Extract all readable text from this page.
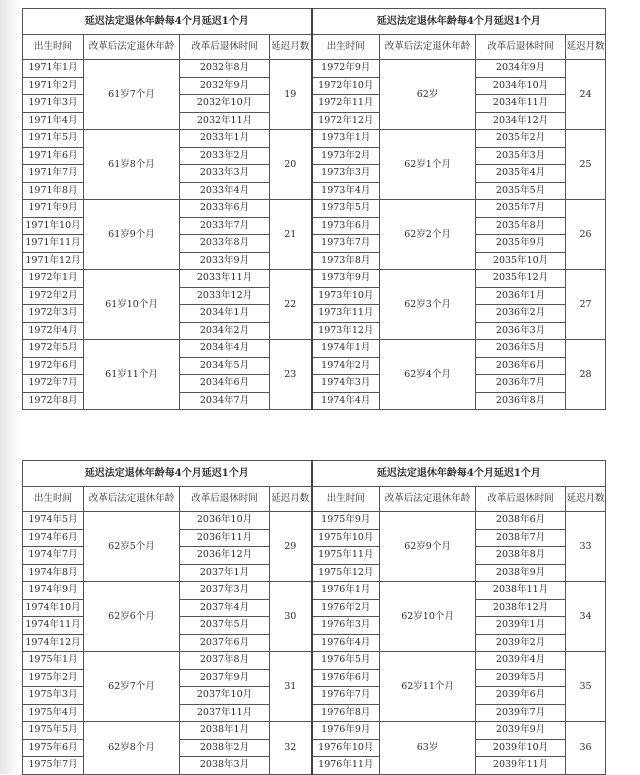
延迟法定退休年龄每4个月延迟1个月				延迟法定退休年龄每4个月延迟1个月			
出生时间	改革后法定退休年龄	改革后退休时间	延迟月数	出生时间	改革后法定退休年龄	改革后退休时间	延迟月数
1971年1月	61岁7个月	2032年8月	19	1972年9月	62岁	2034年9月	24
1971年2月		2032年9月		1972年10月		2034年10月	
1971年3月		2032年10月		1972年11月		2034年11月	
1971年4月		2032年11月		1972年12月		2034年12月	
1971年5月	61岁8个月	2033年1月	20	1973年1月	62岁1个月	2035年2月	25
1971年6月		2033年2月		1973年2月		2035年3月	
1971年7月		2033年3月		1973年3月		2035年4月	
1971年8月		2033年4月		1973年4月		2035年5月	
1971年9月	61岁9个月	2033年6月	21	1973年5月	62岁2个月	2035年7月	26
1971年10月		2033年7月		1973年6月		2035年8月	
1971年11月		2033年8月		1973年7月		2035年9月	
1971年12月		2033年9月		1973年8月		2035年10月	
1972年1月	61岁10个月	2033年11月	22	1973年9月	62岁3个月	2035年12月	27
1972年2月		2033年12月		1973年10月		2036年1月	
1972年3月		2034年1月		1973年11月		2036年2月	
1972年4月		2034年2月		1973年12月		2036年3月	
1972年5月	61岁11个月	2034年4月	23	1974年1月	62岁4个月	2036年5月	28
1972年6月		2034年5月		1974年2月		2036年6月	
1972年7月		2034年6月		1974年3月		2036年7月	
1972年8月		2034年7月		1974年4月		2036年8月	
延迟法定退休年龄每4个月延迟1个月				延迟法定退休年龄每4个月延迟1个月			
出生时间	改革后法定退休年龄	改革后退休时间	延迟月数	出生时间	改革后法定退休年龄	改革后退休时间	延迟月数
1974年5月	62岁5个月	2036年10月	29	1975年9月	62岁9个月	2038年6月	33
1974年6月		2036年11月		1975年10月		2038年7月	
1974年7月		2036年12月		1975年11月		2038年8月	
1974年8月		2037年1月		1975年12月		2038年9月	
1974年9月	62岁6个月	2037年3月	30	1976年1月	62岁10个月	2038年11月	34
1974年10月		2037年4月		1976年2月		2038年12月	
1974年11月		2037年5月		1976年3月		2039年1月	
1974年12月		2037年6月		1976年4月		2039年2月	
1975年1月	62岁7个月	2037年8月	31	1976年5月	62岁11个月	2039年4月	35
1975年2月		2037年9月		1976年6月		2039年5月	
1975年3月		2037年10月		1976年7月		2039年6月	
1975年4月		2037年11月		1976年8月		2039年7月	
1975年5月	62岁8个月	2038年1月	32	1976年9月	63岁	2039年9月	36
1975年6月		2038年2月		1976年10月		2039年10月	
1975年7月		2038年3月		1976年11月		2039年11月	
